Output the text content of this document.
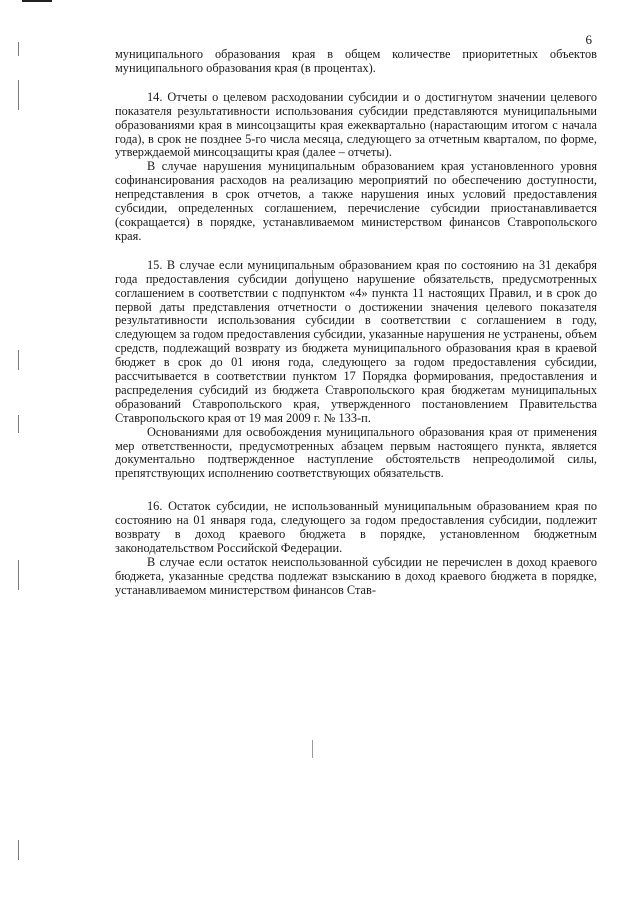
6

муниципального образования края в общем количестве приоритетных объектов муниципального образования края (в процентах).

14. Отчеты о целевом расходовании субсидии и о достигнутом значении целевого показателя результативности использования субсидии представляются муниципальными образованиями края в минсоцзащиты края ежеквартально (нарастающим итогом с начала года), в срок не позднее 5-го числа месяца, следующего за отчетным кварталом, по форме, утверждаемой минсоцзащиты края (далее – отчеты).

В случае нарушения муниципальным образованием края установленного уровня софинансирования расходов на реализацию мероприятий по обеспечению доступности, непредставления в срок отчетов, а также нарушения иных условий предоставления субсидии, определенных соглашением, перечисление субсидии приостанавливается (сокращается) в порядке, устанавливаемом министерством финансов Ставропольского края.

15. В случае если муниципальным образованием края по состоянию на 31 декабря года предоставления субсидии допущено нарушение обязательств, предусмотренных соглашением в соответствии с подпунктом «4» пункта 11 настоящих Правил, и в срок до первой даты представления отчетности о достижении значения целевого показателя результативности использования субсидии в соответствии с соглашением в году, следующем за годом предоставления субсидии, указанные нарушения не устранены, объем средств, подлежащий возврату из бюджета муниципального образования края в краевой бюджет в срок до 01 июня года, следующего за годом предоставления субсидии, рассчитывается в соответствии пунктом 17 Порядка формирования, предоставления и распределения субсидий из бюджета Ставропольского края бюджетам муниципальных образований Ставропольского края, утвержденного постановлением Правительства Ставропольского края от 19 мая 2009 г. № 133-п.

Основаниями для освобождения муниципального образования края от применения мер ответственности, предусмотренных абзацем первым настоящего пункта, является документально подтвержденное наступление обстоятельств непреодолимой силы, препятствующих исполнению соответствующих обязательств.

16. Остаток субсидии, не использованный муниципальным образованием края по состоянию на 01 января года, следующего за годом предоставления субсидии, подлежит возврату в доход краевого бюджета в порядке, установленном бюджетным законодательством Российской Федерации.

В случае если остаток неиспользованной субсидии не перечислен в доход краевого бюджета, указанные средства подлежат взысканию в доход краевого бюджета в порядке, устанавливаемом министерством финансов Став-
